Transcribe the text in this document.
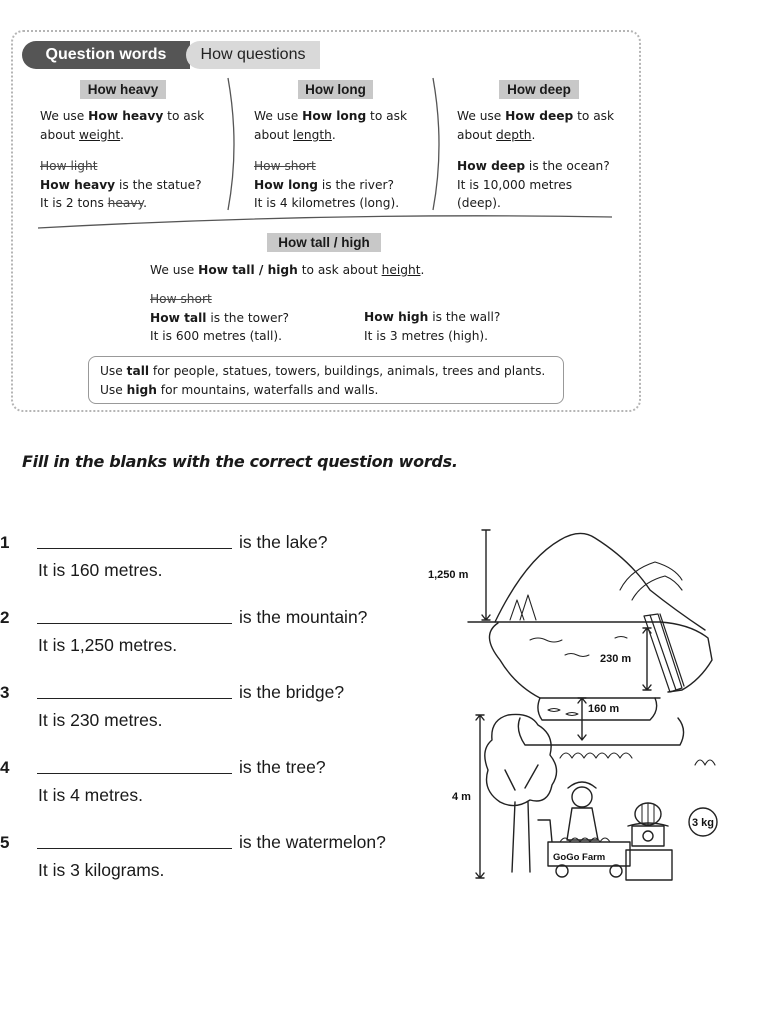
Question words	How questions
How heavy
We use How heavy to ask
about weight.
How light
How heavy is the statue?
It is 2 tons heavy.
How long
We use How long to ask
about length.
How short
How long is the river?
It is 4 kilometres (long).
How deep
We use How deep to ask
about depth.
How deep is the ocean?
It is 10,000 metres
(deep).
How tall / high
We use How tall / high to ask about height.
How short
How tall is the tower?
It is 600 metres (tall).
How high is the wall?
It is 3 metres (high).
Use tall for people, statues, towers, buildings, animals, trees and plants.
Use high for mountains, waterfalls and walls.
Fill in the blanks with the correct question words.
1	is the lake?
It is 160 metres.
2	is the mountain?
It is 1,250 metres.
3	is the bridge?
It is 230 metres.
4	is the tree?
It is 4 metres.
5	is the watermelon?
It is 3 kilograms.
1,250 m
230 m
160 m
4 m
3 kg
GoGo Farm
